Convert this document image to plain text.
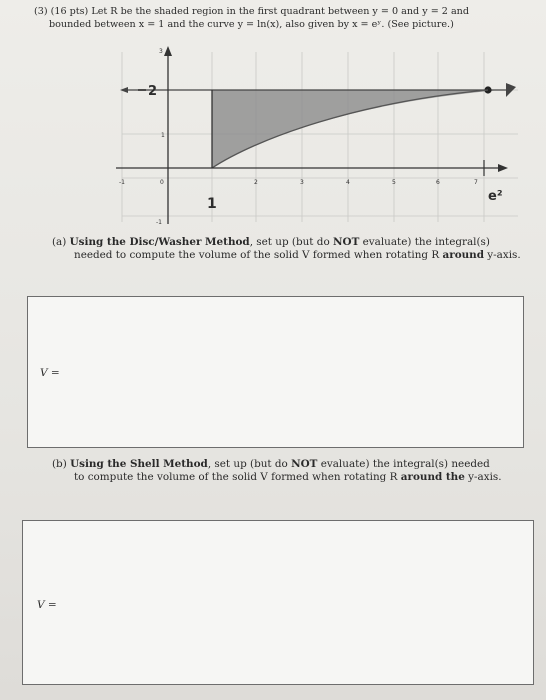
(3) (16 pts) Let R be the shaded region in the first quadrant between y = 0 and y = 2 and
bounded between x = 1 and the curve y = ln(x), also given by x = eʸ. (See picture.)
3
1
-1
-1	0	2	3	4	5	6	7
2
1	e²
(a) Using the Disc/Washer Method, set up (but do NOT evaluate) the integral(s)
needed to compute the volume of the solid V formed when rotating R around y-axis.
V =
(b) Using the Shell Method, set up (but do NOT evaluate) the integral(s) needed
to compute the volume of the solid V formed when rotating R around the y-axis.
V =
